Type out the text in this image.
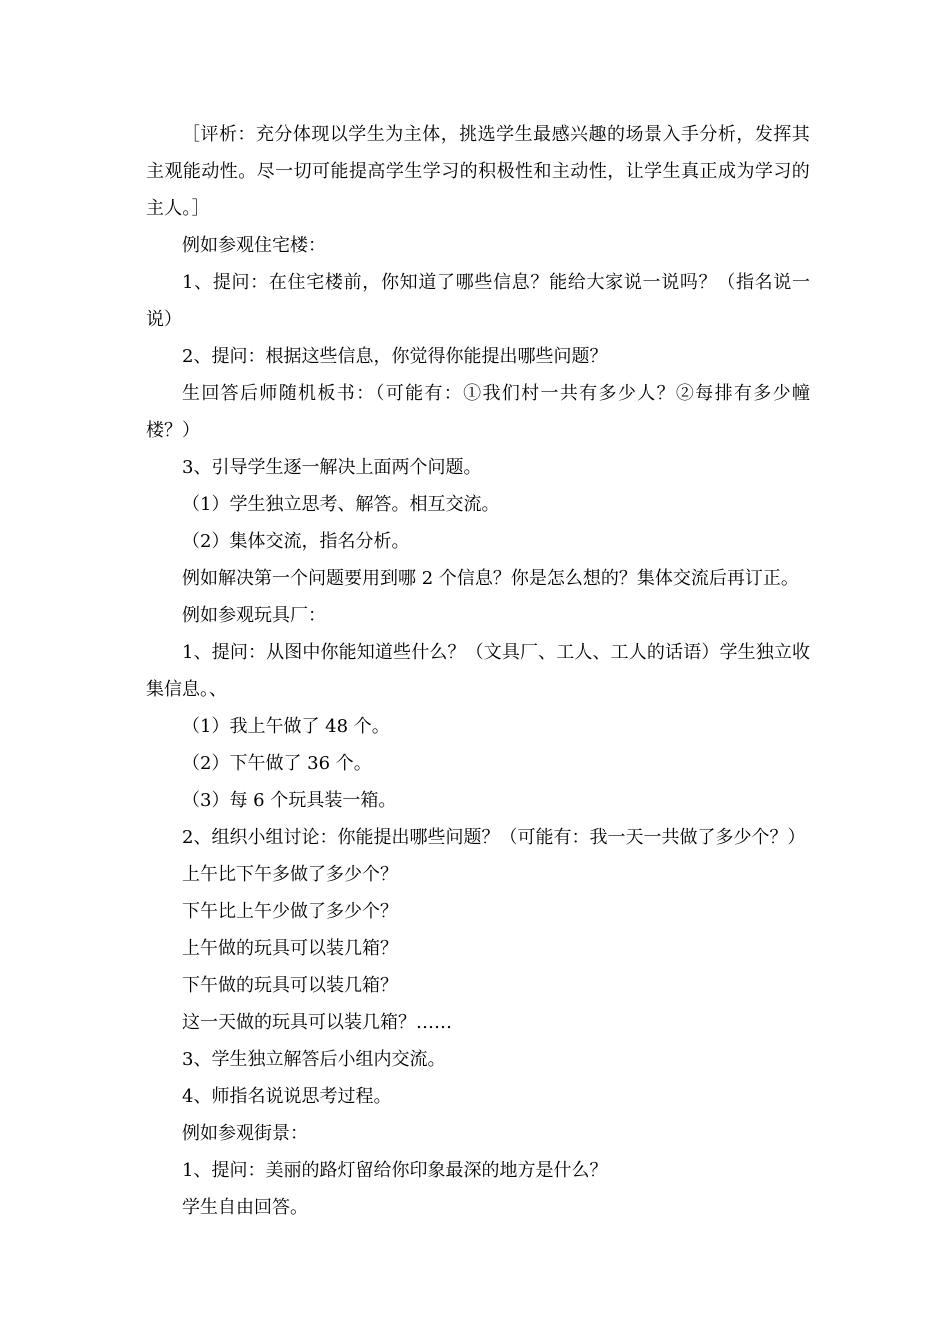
［评析：充分体现以学生为主体，挑选学生最感兴趣的场景入手分析，发挥其主观能动性。尽一切可能提高学生学习的积极性和主动性，让学生真正成为学习的主人。］

例如参观住宅楼：

1、提问：在住宅楼前，你知道了哪些信息？能给大家说一说吗？（指名说一说）

2、提问：根据这些信息，你觉得你能提出哪些问题？

生回答后师随机板书：（可能有：①我们村一共有多少人？②每排有多少幢楼？）

3、引导学生逐一解决上面两个问题。

（1）学生独立思考、解答。相互交流。

（2）集体交流，指名分析。

例如解决第一个问题要用到哪 2 个信息？你是怎么想的？集体交流后再订正。

例如参观玩具厂：

1、提问：从图中你能知道些什么？（文具厂、工人、工人的话语）学生独立收集信息。、

（1）我上午做了 48 个。

（2）下午做了 36 个。

（3）每 6 个玩具装一箱。

2、组织小组讨论：你能提出哪些问题？（可能有：我一天一共做了多少个？）

上午比下午多做了多少个？

下午比上午少做了多少个？

上午做的玩具可以装几箱？

下午做的玩具可以装几箱？

这一天做的玩具可以装几箱？……

3、学生独立解答后小组内交流。

4、师指名说说思考过程。

例如参观街景：

1、提问：美丽的路灯留给你印象最深的地方是什么？

学生自由回答。
